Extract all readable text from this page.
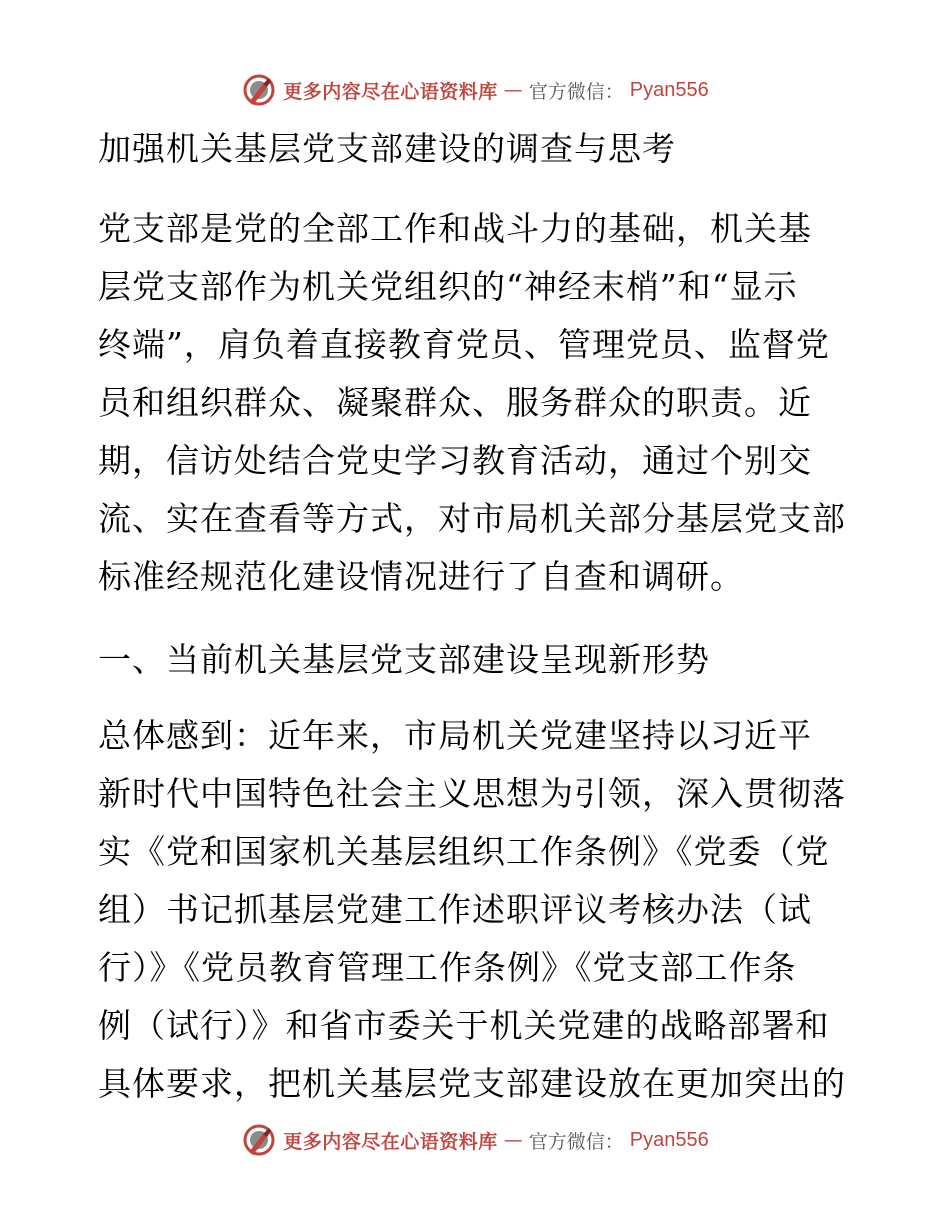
更多内容尽在心语资料库 — 官方微信： Pyan556

加强机关基层党支部建设的调查与思考

党支部是党的全部工作和战斗力的基础，机关基

层党支部作为机关党组织的“神经末梢”和“显示

终端”，肩负着直接教育党员、管理党员、监督党

员和组织群众、凝聚群众、服务群众的职责。近

期，信访处结合党史学习教育活动，通过个别交

流、实在查看等方式，对市局机关部分基层党支部

标准经规范化建设情况进行了自查和调研。

一、当前机关基层党支部建设呈现新形势

总体感到：近年来，市局机关党建坚持以习近平

新时代中国特色社会主义思想为引领，深入贯彻落

实《党和国家机关基层组织工作条例》《党委（党

组）书记抓基层党建工作述职评议考核办法（试

行）》《党员教育管理工作条例》《党支部工作条

例（试行）》和省市委关于机关党建的战略部署和

具体要求，把机关基层党支部建设放在更加突出的

更多内容尽在心语资料库 — 官方微信： Pyan556
